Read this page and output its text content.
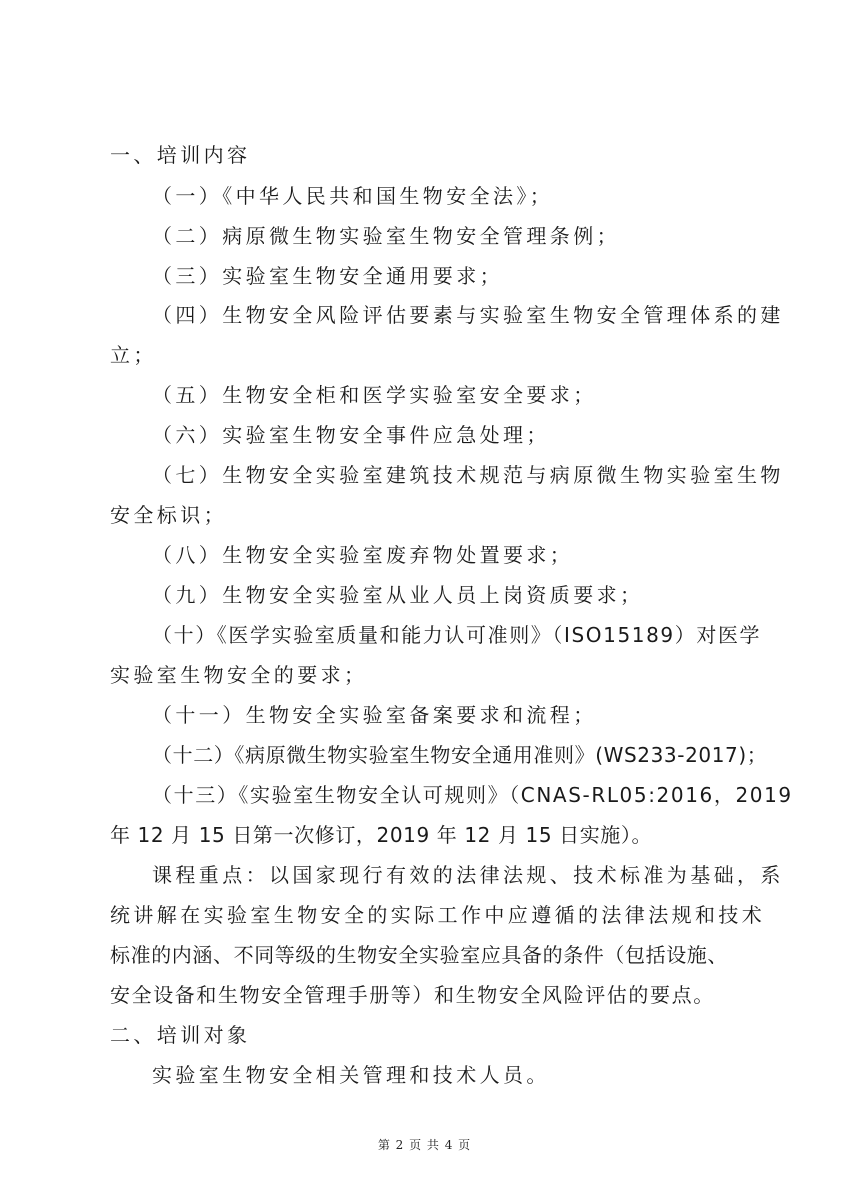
一、培训内容
（一）《中华人民共和国生物安全法》；
（二）病原微生物实验室生物安全管理条例；
（三）实验室生物安全通用要求；
（四）生物安全风险评估要素与实验室生物安全管理体系的建
立；
（五）生物安全柜和医学实验室安全要求；
（六）实验室生物安全事件应急处理；
（七）生物安全实验室建筑技术规范与病原微生物实验室生物
安全标识；
（八）生物安全实验室废弃物处置要求；
（九）生物安全实验室从业人员上岗资质要求；
（十）《医学实验室质量和能力认可准则》（ISO15189）对医学
实验室生物安全的要求；
（十一）生物安全实验室备案要求和流程；
（十二）《病原微生物实验室生物安全通用准则》(WS233-2017)；
（十三）《实验室生物安全认可规则》（CNAS-RL05:2016，2019
年 12 月 15 日第一次修订，2019 年 12 月 15 日实施）。
课程重点：以国家现行有效的法律法规、技术标准为基础，系
统讲解在实验室生物安全的实际工作中应遵循的法律法规和技术
标准的内涵、不同等级的生物安全实验室应具备的条件（包括设施、
安全设备和生物安全管理手册等）和生物安全风险评估的要点。
二、培训对象
实验室生物安全相关管理和技术人员。
第 2 页 共 4 页
